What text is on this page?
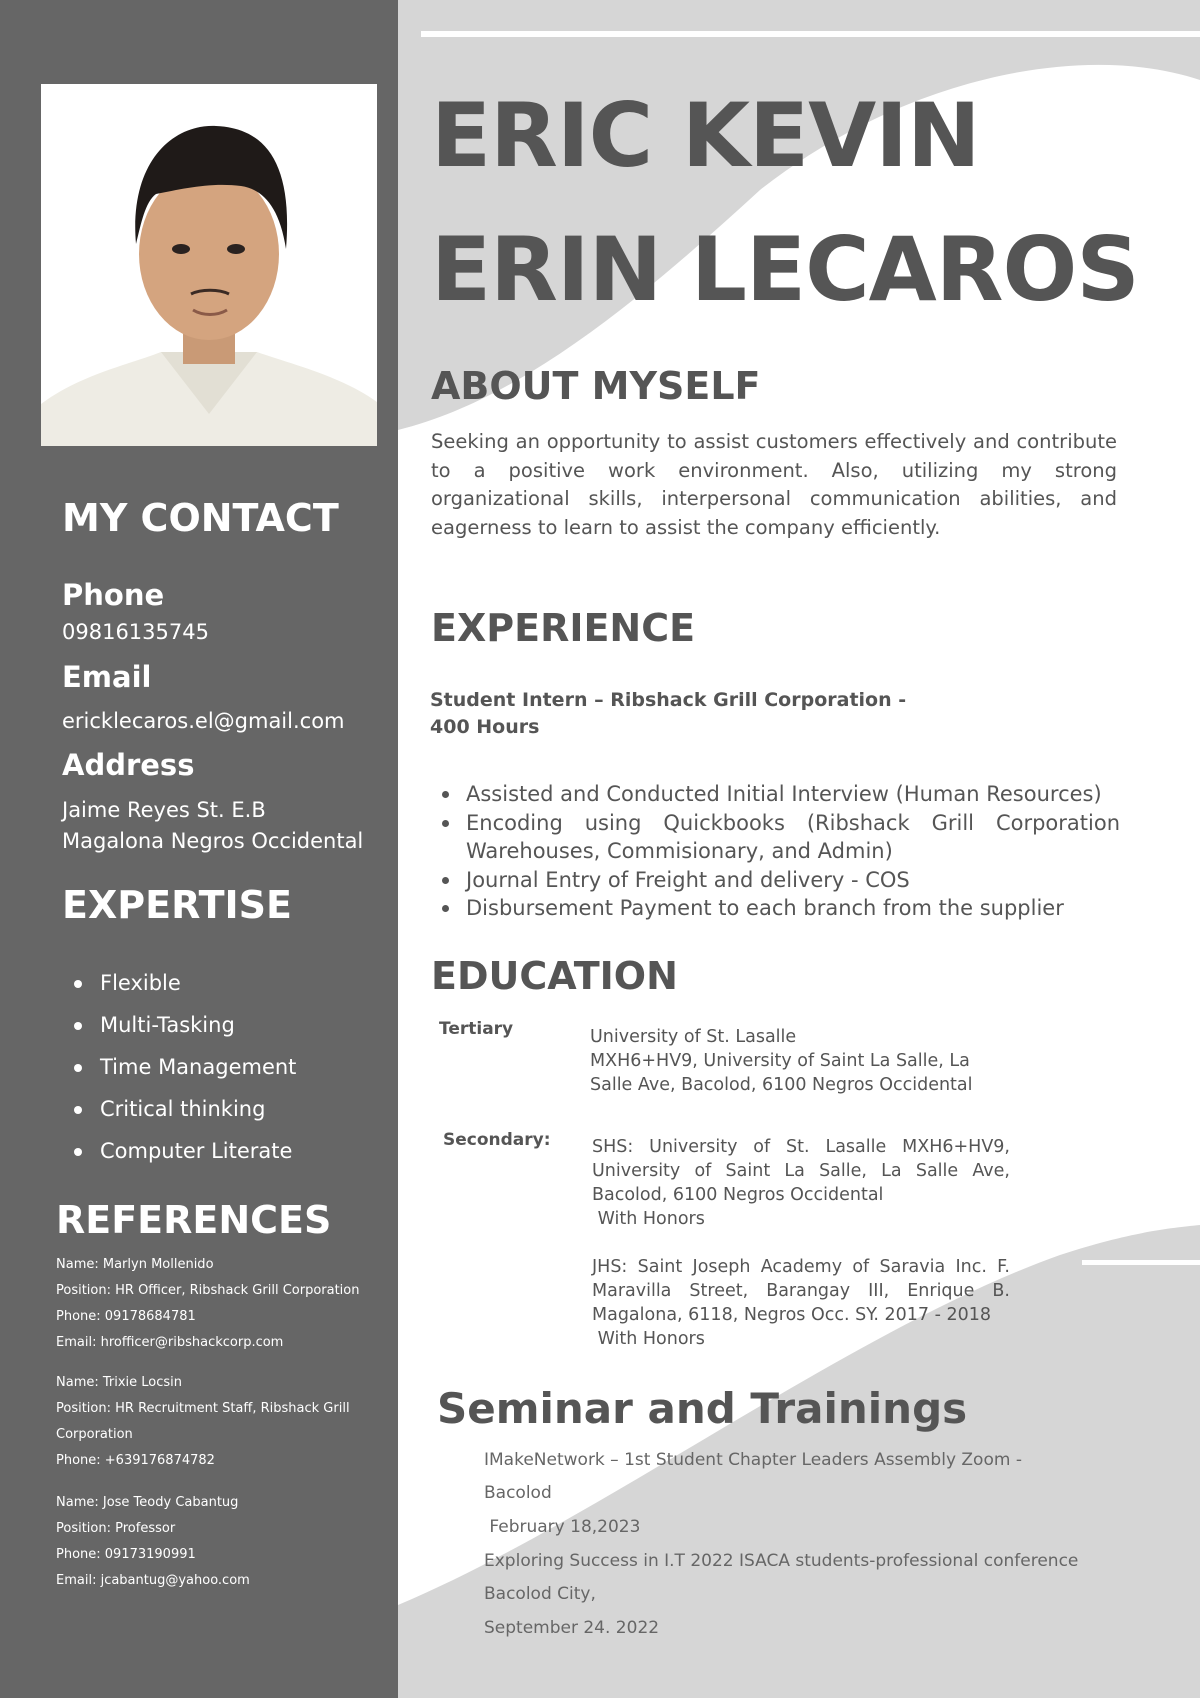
MY CONTACT

Phone

09816135745

Email

ericklecaros.el@gmail.com

Address

Jaime Reyes St. E.B

Magalona Negros Occidental

EXPERTISE
Flexible
Multi-Tasking
Time Management
Critical thinking
Computer Literate
REFERENCES

Name: Marlyn Mollenido

Position: HR Officer, Ribshack Grill Corporation

Phone: 09178684781

Email: hrofficer@ribshackcorp.com

Name: Trixie Locsin

Position: HR Recruitment Staff, Ribshack Grill

Corporation

Phone: +639176874782

Name: Jose Teody Cabantug

Position: Professor

Phone: 09173190991

Email: jcabantug@yahoo.com

ERIC KEVIN
ERIN LECAROS
ABOUT MYSELF

Seeking an opportunity to assist customers effectively and contribute to a positive work environment. Also, utilizing my strong organizational skills, interpersonal communication abilities, and eagerness to learn to assist the company efficiently.

EXPERIENCE
Student Intern – Ribshack Grill Corporation -
400 Hours
Assisted and Conducted Initial Interview (Human Resources)
Encoding using Quickbooks (Ribshack Grill Corporation Warehouses, Commisionary, and Admin)
Journal Entry of Freight and delivery - COS
Disbursement Payment to each branch from the supplier
EDUCATION

Tertiary	University of St. Lasalle

MXH6+HV9, University of Saint La Salle, La Salle Ave, Bacolod, 6100 Negros Occidental

Secondary: SHS: University of St. Lasalle MXH6+HV9, University of Saint La Salle, La Salle Ave, Bacolod, 6100 Negros Occidental

With Honors

JHS: Saint Joseph Academy of Saravia Inc. F. Maravilla Street, Barangay III, Enrique B. Magalona, 6118, Negros Occ. SY. 2017 - 2018

With Honors

Seminar and Trainings

IMakeNetwork – 1st Student Chapter Leaders Assembly Zoom -

Bacolod

February 18,2023

Exploring Success in I.T 2022 ISACA students-professional conference

Bacolod City,

September 24. 2022
